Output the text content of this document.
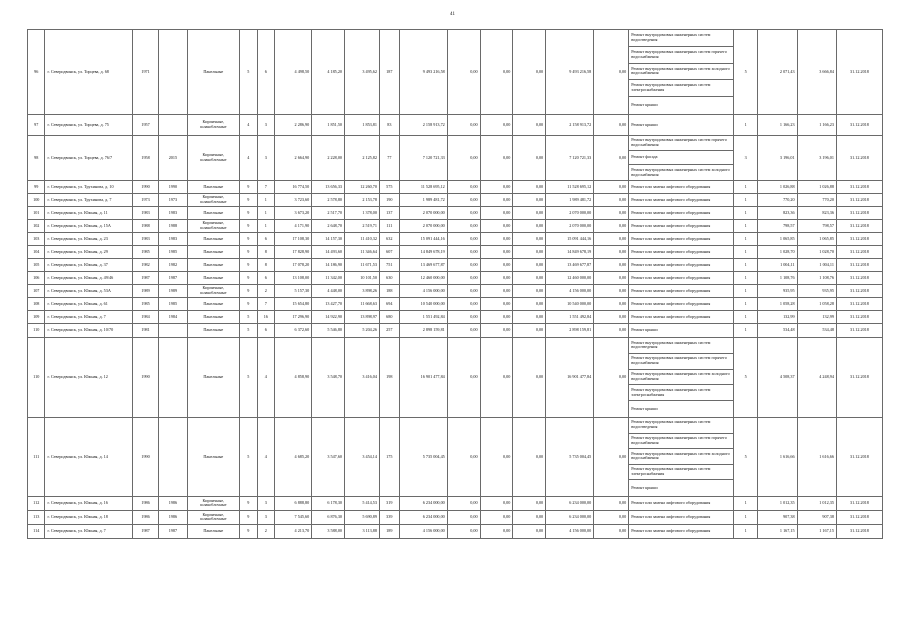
41
96	г. Северодвинск, ул. Торцева, д. 68	1971		Панельные	5	6	4 498,50	4 185,20	3 495,62	187	9 493 216,58	0,00	0,00	0,00	9 493 216,58	0,00	Ремонт внутридомовых инженерных систем водоотведения
Ремонт внутридомовых инженерных систем горячего водоснабжения
Ремонт внутридомовых инженерных систем холодного водоснабжения
Ремонт внутридомовых инженерных систем электроснабжения
Ремонт крыши	5	2 071,43	3 666,84	31.12.2018
97	г. Северодвинск, ул. Торцева, д. 75	1957		Кирпичные, шлакоблочные	4	3	2 286,90	1 851,50	1 853,81	83	2 158 913,72	0,00	0,00	0,00	2 158 913,72	0,00	Ремонт крыши	1	1 166,23	1 166,23	31.12.2018
98	г. Северодвинск, ул. Торцева, д. 76/7	1958	2015	Кирпичные, шлакоблочные	4	3	2 664,90	2 228,00	2 125,82	77	7 120 721,33	0,00	0,00	0,00	7 120 721,33	0,00	Ремонт внутридомовых инженерных систем горячего водоснабжения
Ремонт фасада
Ремонт внутридомовых инженерных систем холодного водоснабжения	3	3 196,01	3 196,01	31.12.2018
99	г. Северодвинск, ул. Трухинова, д. 10	1990	1990	Панельные	9	7	16 774,50	13 656,33	12 260,70	575	11 528 695,12	0,00	0,00	0,00	11 528 695,12	0,00	Ремонт или замена лифтового оборудования	1	1 026,88	1 026,88	31.12.2018
100	г. Северодвинск, ул. Трухинова, д. 7	1973	1973	Кирпичные, шлакоблочные	9	1	3 723,60	2 578,80	2 153,78	190	1 989 481,72	0,00	0,00	0,00	1 989 481,72	0,00	Ремонт или замена лифтового оборудования	1	770,20	770,20	31.12.2018
101	г. Северодвинск, ул. Южная, д. 11	1983	1983	Панельные	9	1	3 673,20	2 517,70	1 378,00	137	2 070 000,00	0,00	0,00	0,00	2 070 000,00	0,00	Ремонт или замена лифтового оборудования	1	823,36	823,36	31.12.2018
102	г. Северодвинск, ул. Южная, д. 15А	1988	1988	Кирпичные, шлакоблочные	9	1	4 171,90	2 648,70	2 519,71	111	2 070 000,00	0,00	0,00	0,00	2 070 000,00	0,00	Ремонт или замена лифтового оборудования	1	798,57	798,57	31.12.2018
103	г. Северодвинск, ул. Южная, д. 23	1983	1983	Панельные	9	6	17 108,30	14 157,30	11 410,32	632	15 091 444,16	0,00	0,00	0,00	15 091 444,16	0,00	Ремонт или замена лифтового оборудования	1	1 065,85	1 065,85	31.12.2018
104	г. Северодвинск, ул. Южная, д. 29	1985	1985	Панельные	9	8	17 828,90	14 493,60	11 346,64	607	14 849 678,19	0,00	0,00	0,00	14 849 678,19	0,00	Ремонт или замена лифтового оборудования	1	1 028,70	1 028,70	31.12.2018
105	г. Северодвинск, ул. Южная, д. 37	1982	1982	Панельные	9	8	17 078,20	14 186,90	11 671,53	751	13 469 677,87	0,00	0,00	0,00	13 469 677,87	0,00	Ремонт или замена лифтового оборудования	1	1 004,11	1 004,11	31.12.2018
106	г. Северодвинск, ул. Южная, д. 49/46	1987	1987	Панельные	9	6	13 108,00	11 342,00	10 101,50	630	12 460 000,00	0,00	0,00	0,00	12 460 000,00	0,00	Ремонт или замена лифтового оборудования	1	1 108,76	1 108,76	31.12.2018
107	г. Северодвинск, ул. Южная, д. 53А	1989	1989	Кирпичные, шлакоблочные	9	2	5 157,30	4 448,00	3 898,26	188	4 156 000,00	0,00	0,00	0,00	4 156 000,00	0,00	Ремонт или замена лифтового оборудования	1	935,95	935,95	31.12.2018
108	г. Северодвинск, ул. Южная, д. 61	1985	1985	Панельные	9	7	15 654,80	13 427,70	11 668,63	694	10 540 000,00	0,00	0,00	0,00	10 540 000,00	0,00	Ремонт или замена лифтового оборудования	1	1 058,28	1 058,28	31.12.2018
109	г. Северодвинск, ул. Южная, д. 7	1984	1984	Панельные	5	16	17 296,90	14 922,90	13 898,97	680	1 551 492,84	0,00	0,00	0,00	1 551 492,84	0,00	Ремонт или замена лифтового оборудования	1	132,99	132,99	31.12.2018
110	г. Северодвинск, ул. Южная, д. 10/70	1981		Панельные	5	6	6 372,60	5 546,80	5 204,26	257	2 898 159,81	0,00	0,00	0,00	2 898 159,81	0,00	Ремонт крыши	1	534,48	534,48	31.12.2018
110	г. Северодвинск, ул. Южная, д. 12	1990		Панельные	5	4	4 858,90	3 548,70	3 416,04	198	16 901 477,84	0,00	0,00	0,00	16 901 477,84	0,00	Ремонт внутридомовых инженерных систем водоотведения
Ремонт внутридомовых инженерных систем горячего водоснабжения
Ремонт внутридомовых инженерных систем холодного водоснабжения
Ремонт внутридомовых инженерных систем электроснабжения
Ремонт крыши	5	4 508,37	4 248,94	31.12.2018
111	г. Северодвинск, ул. Южная, д. 14	1990		Панельные	5	4	4 685,20	3 547,60	3 454,14	175	5 735 004,45	0,00	0,00	0,00	5 735 004,45	0,00	Ремонт внутридомовых инженерных систем водоотведения
Ремонт внутридомовых инженерных систем горячего водоснабжения
Ремонт внутридомовых инженерных систем холодного водоснабжения
Ремонт внутридомовых инженерных систем электроснабжения
Ремонт крыши	5	1 616,66	1 616,66	31.12.2018
112	г. Северодвинск, ул. Южная, д. 16	1986	1986	Кирпичные, шлакоблочные	9	3	6 888,80	6 178,30	5 414,53	319	6 234 000,00	0,00	0,00	0,00	6 234 000,00	0,00	Ремонт или замена лифтового оборудования	1	1 012,35	1 012,35	31.12.2018
113	г. Северодвинск, ул. Южная, д. 18	1986	1986	Кирпичные, шлакоблочные	9	3	7 545,60	6 876,30	5 690,89	339	6 234 000,00	0,00	0,00	0,00	6 234 000,00	0,00	Ремонт или замена лифтового оборудования	1	907,38	907,38	31.12.2018
114	г. Северодвинск, ул. Южная, д. 7	1987	1987	Панельные	9	2	4 213,70	3 588,00	3 113,88	189	4 156 000,00	0,00	0,00	0,00	4 156 000,00	0,00	Ремонт или замена лифтового оборудования	1	1 167,15	1 167,15	31.12.2018
